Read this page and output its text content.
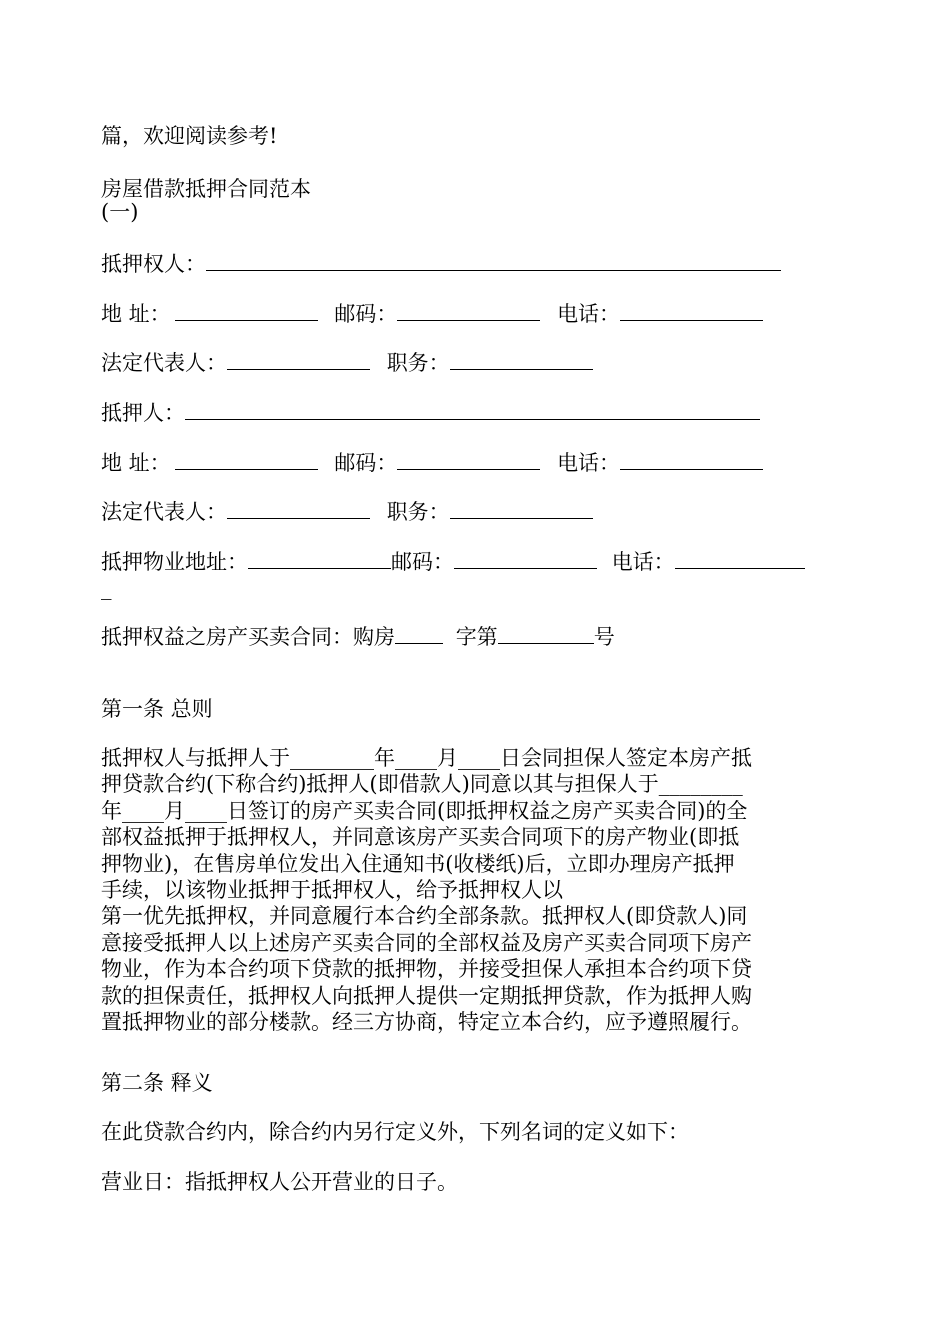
篇，欢迎阅读参考!
房屋借款抵押合同范本
(一)
抵押权人：
地 址：	邮码：	电话：
法定代表人：	职务：
抵押人：
地 址：	邮码：	电话：
法定代表人：	职务：
抵押物业地址：	邮码：	电话：
_
抵押权益之房产买卖合同：购房	字第	号
第一条 总则
抵押权人与抵押人于________年____月____日会同担保人签定本房产抵
押贷款合约(下称合约)抵押人(即借款人)同意以其与担保人于________
年____月____日签订的房产买卖合同(即抵押权益之房产买卖合同)的全
部权益抵押于抵押权人，并同意该房产买卖合同项下的房产物业(即抵
押物业)，在售房单位发出入住通知书(收楼纸)后，立即办理房产抵押
手续，以该物业抵押于抵押权人，给予抵押权人以
第一优先抵押权，并同意履行本合约全部条款。抵押权人(即贷款人)同
意接受抵押人以上述房产买卖合同的全部权益及房产买卖合同项下房产
物业，作为本合约项下贷款的抵押物，并接受担保人承担本合约项下贷
款的担保责任，抵押权人向抵押人提供一定期抵押贷款，作为抵押人购
置抵押物业的部分楼款。经三方协商，特定立本合约，应予遵照履行。
第二条 释义
在此贷款合约内，除合约内另行定义外，下列名词的定义如下：
营业日：指抵押权人公开营业的日子。
